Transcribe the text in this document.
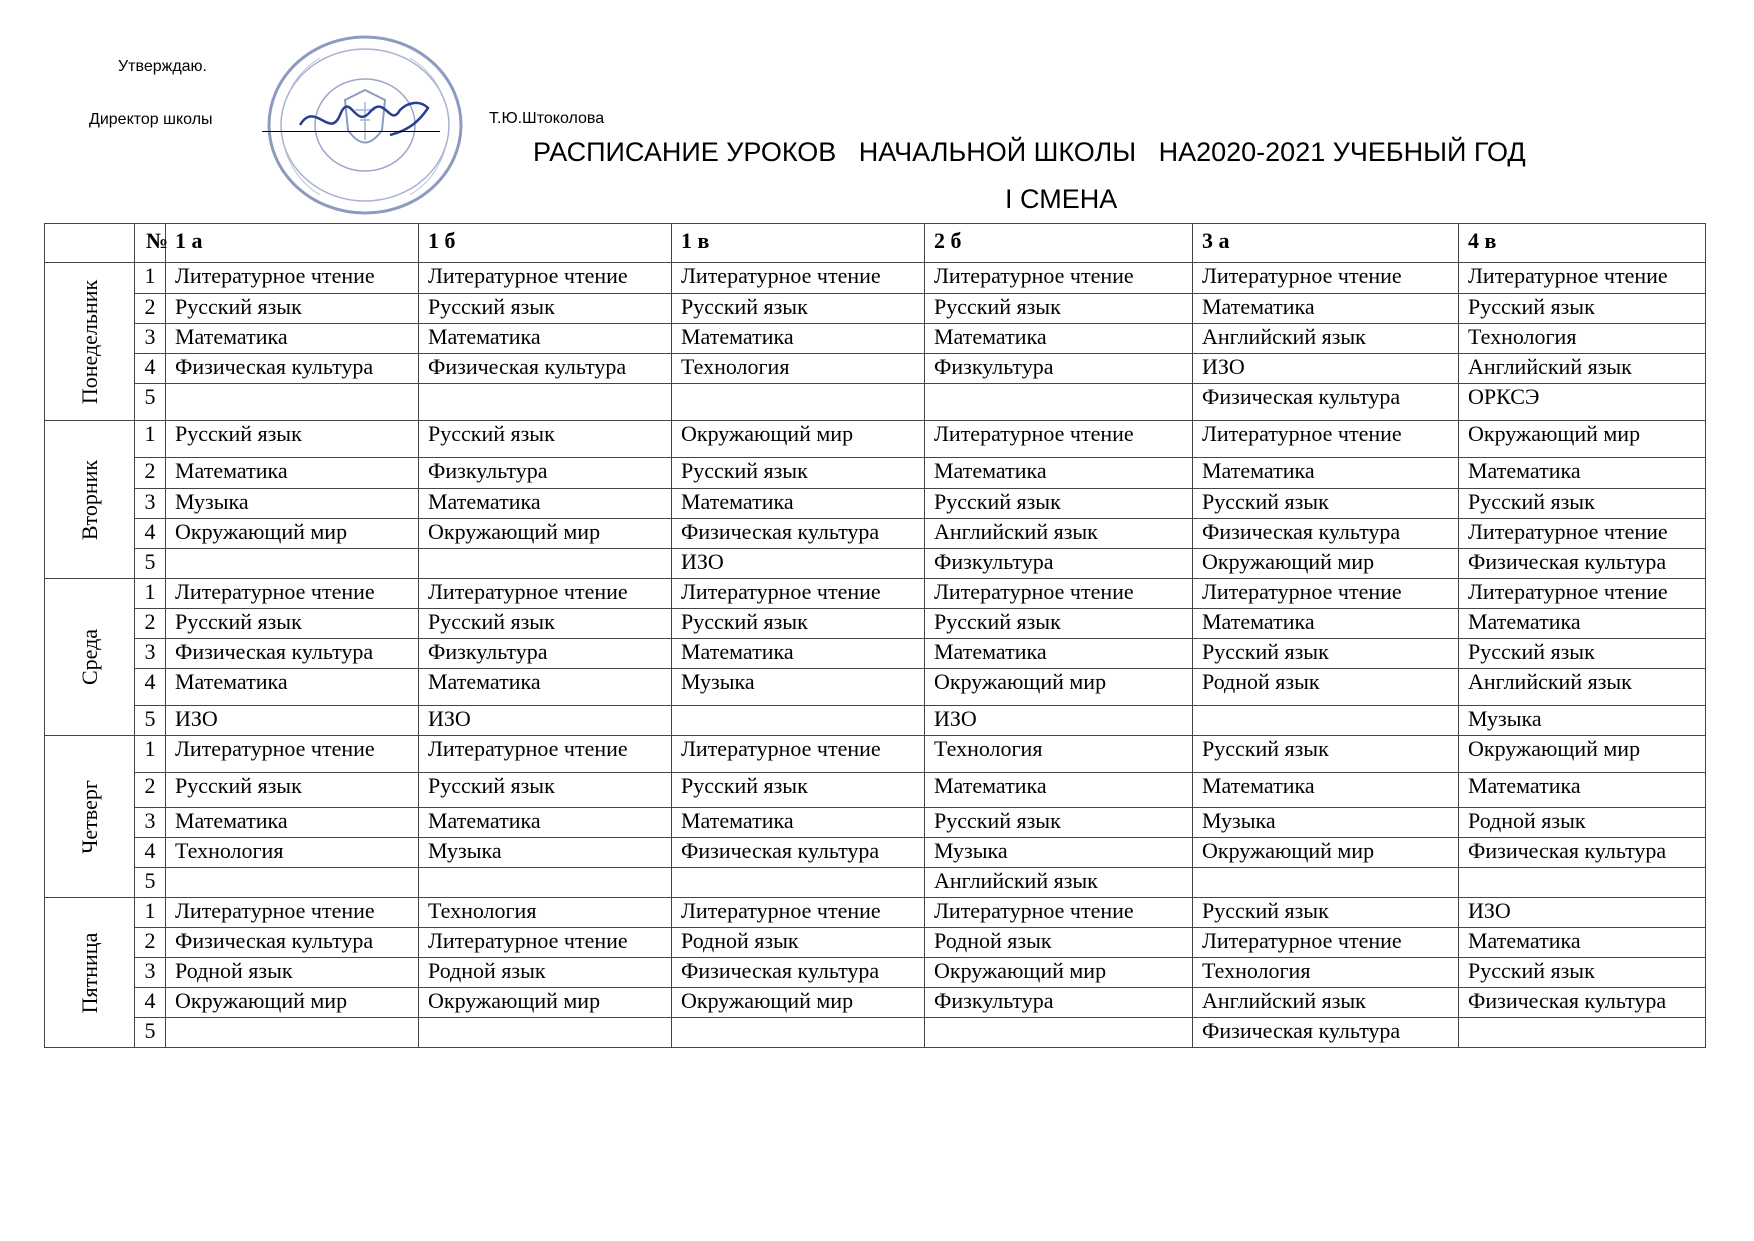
Утверждаю.
Директор школы	Т.Ю.Штоколова
РАСПИСАНИЕ УРОКОВ   НАЧАЛЬНОЙ ШКОЛЫ   НА2020-2021 УЧЕБНЫЙ ГОД
I СМЕНА
	№	1 а	1 б	1 в	2 б	3 а	4 в

Понедельник	1	Литературное чтение	Литературное чтение	Литературное чтение	Литературное чтение	Литературное чтение	Литературное чтение
	2	Русский язык	Русский язык	Русский язык	Русский язык	Математика	Русский язык
	3	Математика	Математика	Математика	Математика	Английский язык	Технология
	4	Физическая культура	Физическая культура	Технология	Физкультура	ИЗО	Английский язык
	5					Физическая культура	ОРКСЭ

Вторник	1	Русский язык	Русский язык	Окружающий мир	Литературное чтение	Литературное чтение	Окружающий мир
	2	Математика	Физкультура	Русский язык	Математика	Математика	Математика
	3	Музыка	Математика	Математика	Русский язык	Русский язык	Русский язык
	4	Окружающий мир	Окружающий мир	Физическая культура	Английский язык	Физическая культура	Литературное чтение
	5			ИЗО	Физкультура	Окружающий мир	Физическая культура

Среда	1	Литературное чтение	Литературное чтение	Литературное чтение	Литературное чтение	Литературное чтение	Литературное чтение
	2	Русский язык	Русский язык	Русский язык	Русский язык	Математика	Математика
	3	Физическая культура	Физкультура	Математика	Математика	Русский язык	Русский язык
	4	Математика	Математика	Музыка	Окружающий мир	Родной язык	Английский язык
	5	ИЗО	ИЗО		ИЗО		Музыка

Четверг	1	Литературное чтение	Литературное чтение	Литературное чтение	Технология	Русский язык	Окружающий мир
	2	Русский язык	Русский язык	Русский язык	Математика	Математика	Математика
	3	Математика	Математика	Математика	Русский язык	Музыка	Родной язык
	4	Технология	Музыка	Физическая культура	Музыка	Окружающий мир	Физическая культура
	5				Английский язык		

Пятница	1	Литературное чтение	Технология	Литературное чтение	Литературное чтение	Русский язык	ИЗО
	2	Физическая культура	Литературное чтение	Родной язык	Родной язык	Литературное чтение	Математика
	3	Родной язык	Родной язык	Физическая культура	Окружающий мир	Технология	Русский язык
	4	Окружающий мир	Окружающий мир	Окружающий мир	Физкультура	Английский язык	Физическая культура
	5					Физическая культура	
